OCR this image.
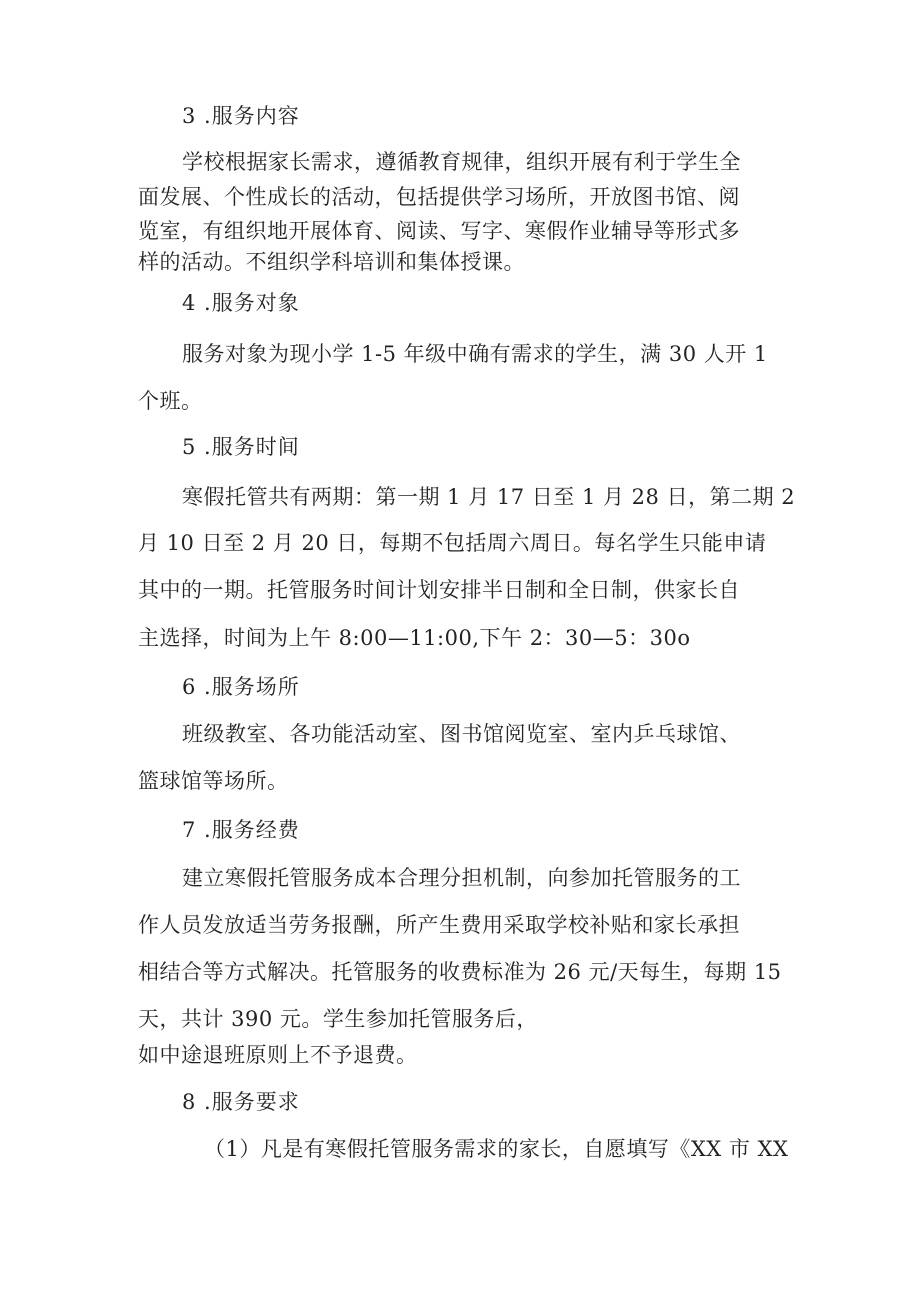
3 .服务内容
学校根据家长需求，遵循教育规律，组织开展有利于学生全
面发展、个性成长的活动，包括提供学习场所，开放图书馆、阅
览室，有组织地开展体育、阅读、写字、寒假作业辅导等形式多
样的活动。不组织学科培训和集体授课。
4 .服务对象
服务对象为现小学 1-5 年级中确有需求的学生，满 30 人开 1
个班。
5 .服务时间
寒假托管共有两期：第一期 1 月 17 日至 1 月 28 日，第二期 2
月 10 日至 2 月 20 日，每期不包括周六周日。每名学生只能申请
其中的一期。托管服务时间计划安排半日制和全日制，供家长自
主选择，时间为上午 8:00—11:00,下午 2：30—5：30o
6 .服务场所
班级教室、各功能活动室、图书馆阅览室、室内乒乓球馆、
篮球馆等场所。
7 .服务经费
建立寒假托管服务成本合理分担机制，向参加托管服务的工
作人员发放适当劳务报酬，所产生费用采取学校补贴和家长承担
相结合等方式解决。托管服务的收费标准为 26 元/天每生，每期 15
天，共计 390 元。学生参加托管服务后，
如中途退班原则上不予退费。
8 .服务要求
（1）凡是有寒假托管服务需求的家长，自愿填写《XX 市 XX
